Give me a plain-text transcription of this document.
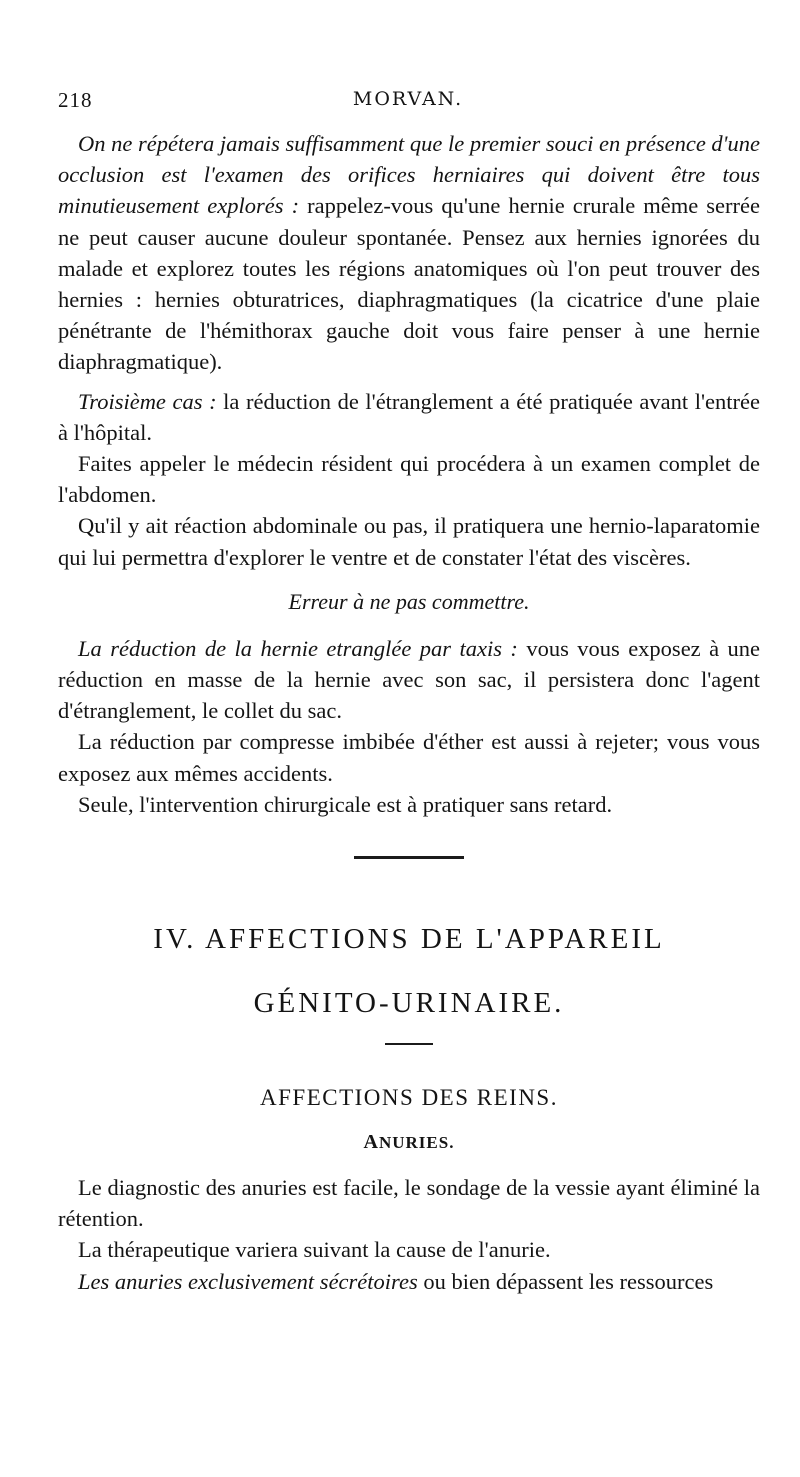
218	MORVAN.

On ne répétera jamais suffisamment que le premier souci en présence d'une occlusion est l'examen des orifices herniaires qui doivent être tous minutieusement explorés : rappelez-vous qu'une hernie crurale même serrée ne peut causer aucune douleur spontanée. Pensez aux hernies ignorées du malade et explorez toutes les régions anatomiques où l'on peut trouver des hernies : hernies obturatrices, diaphragmatiques (la cicatrice d'une plaie pénétrante de l'hémithorax gauche doit vous faire penser à une hernie diaphragmatique).

Troisième cas : la réduction de l'étranglement a été pratiquée avant l'entrée à l'hôpital.

Faites appeler le médecin résident qui procédera à un examen complet de l'abdomen.

Qu'il y ait réaction abdominale ou pas, il pratiquera une hernio-laparatomie qui lui permettra d'explorer le ventre et de constater l'état des viscères.

Erreur à ne pas commettre.

La réduction de la hernie etranglée par taxis : vous vous exposez à une réduction en masse de la hernie avec son sac, il persistera donc l'agent d'étranglement, le collet du sac.

La réduction par compresse imbibée d'éther est aussi à rejeter; vous vous exposez aux mêmes accidents.

Seule, l'intervention chirurgicale est à pratiquer sans retard.

IV. AFFECTIONS DE L'APPAREIL
GÉNITO-URINAIRE.
AFFECTIONS DES REINS.
ANURIES.

Le diagnostic des anuries est facile, le sondage de la vessie ayant éliminé la rétention.

La thérapeutique variera suivant la cause de l'anurie.

Les anuries exclusivement sécrétoires ou bien dépassent les ressources
